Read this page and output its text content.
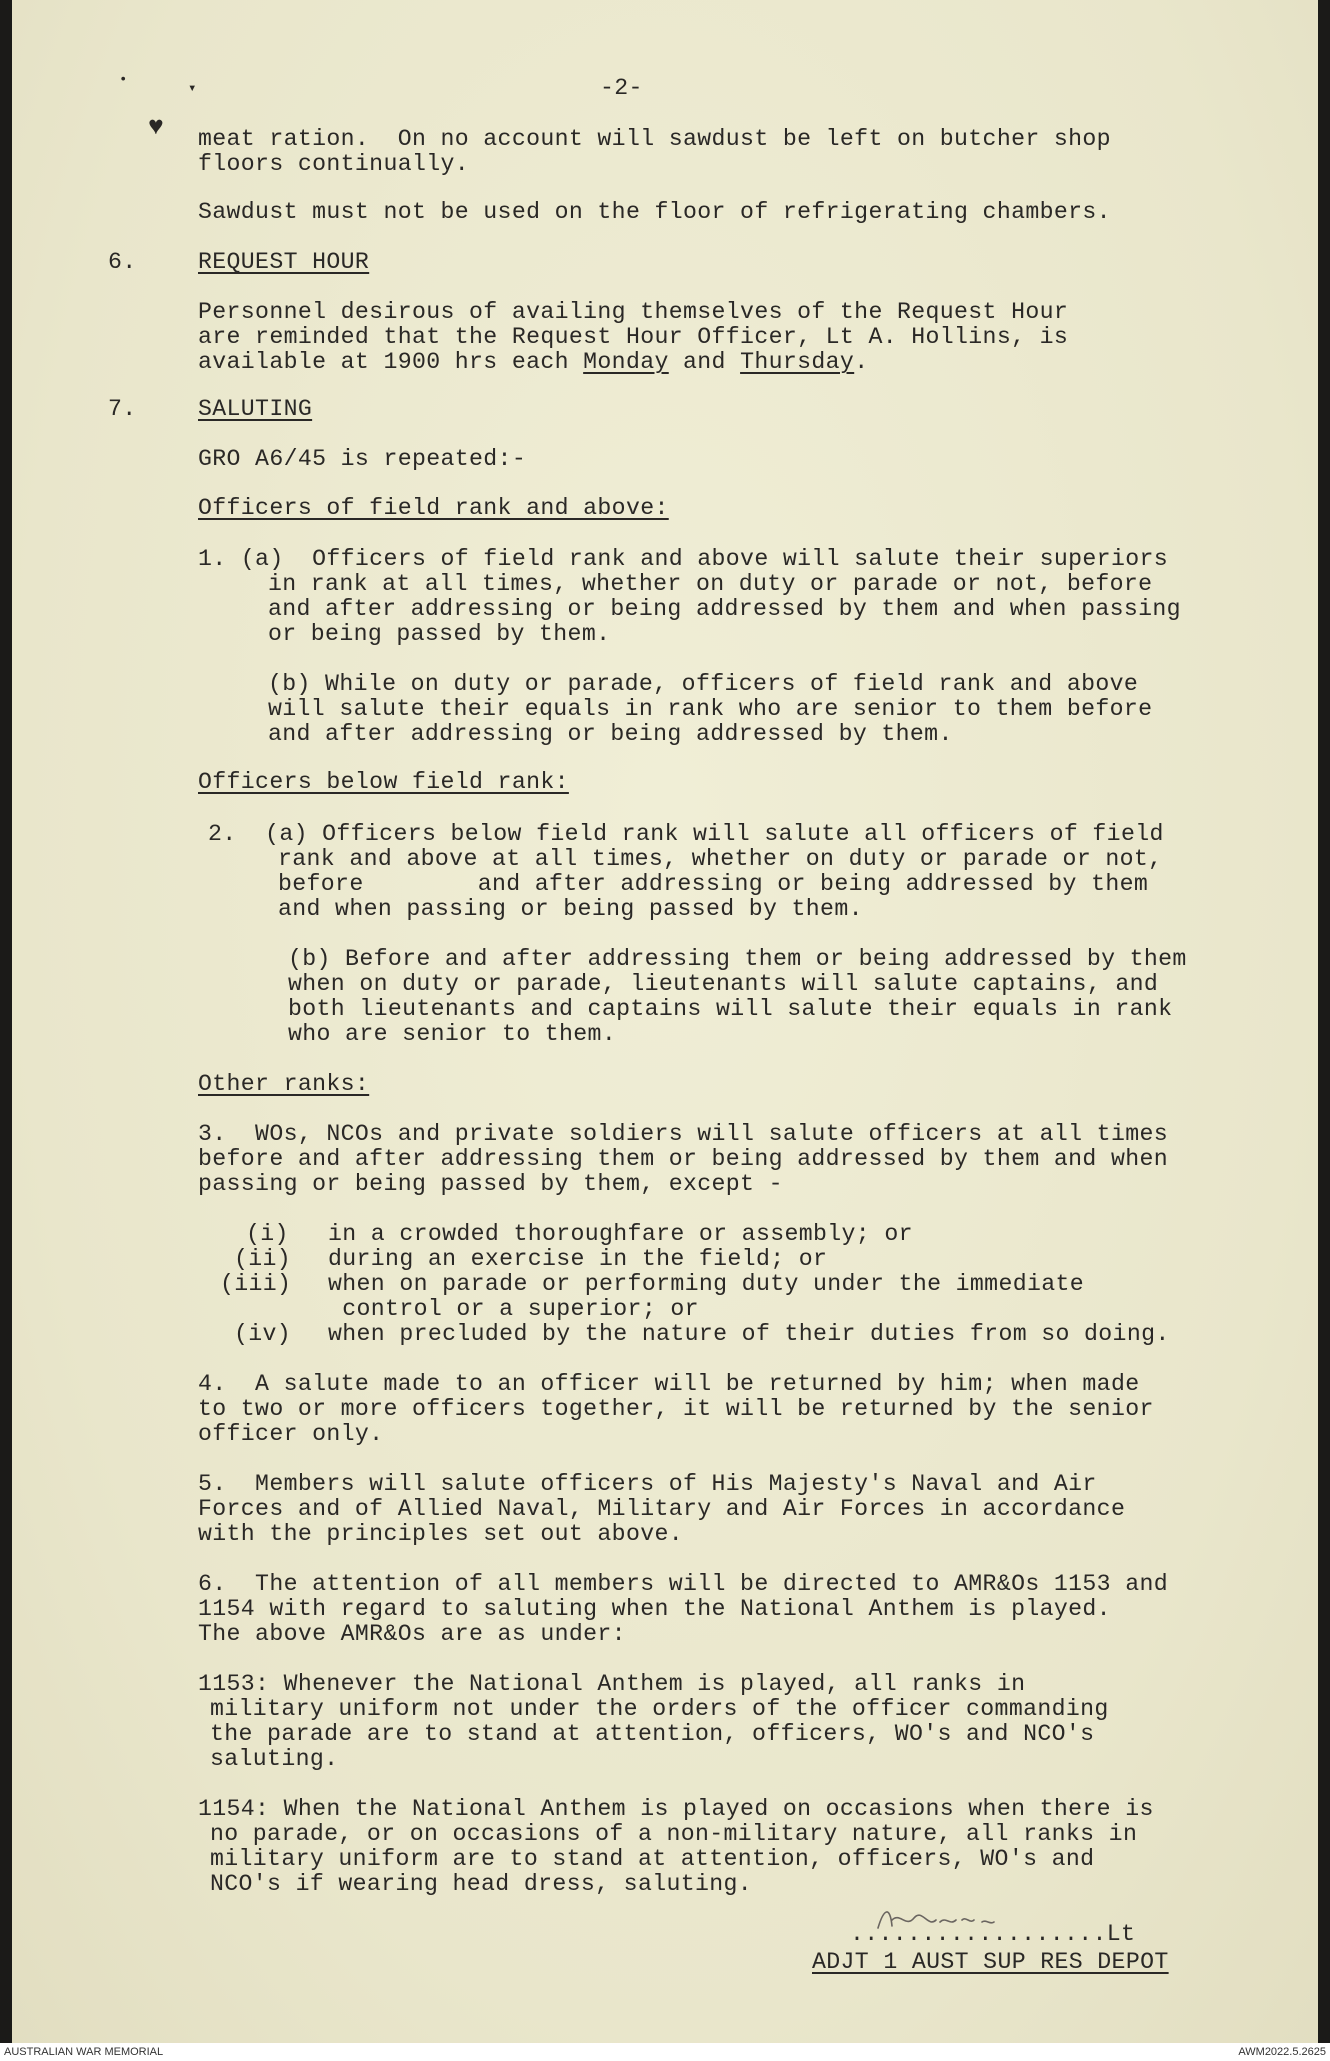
•
▾
♥
-2-
meat ration.  On no account will sawdust be left on butcher shop
floors continually.
Sawdust must not be used on the floor of refrigerating chambers.
6.	REQUEST HOUR
Personnel desirous of availing themselves of the Request Hour
are reminded that the Request Hour Officer, Lt A. Hollins, is
available at 1900 hrs each Monday and Thursday.
7.	SALUTING
GRO A6/45 is repeated:-
Officers of field rank and above:
1. (a)  Officers of field rank and above will salute their superiors
in rank at all times, whether on duty or parade or not, before
and after addressing or being addressed by them and when passing
or being passed by them.
(b) While on duty or parade, officers of field rank and above
will salute their equals in rank who are senior to them before
and after addressing or being addressed by them.
Officers below field rank:
2.  (a) Officers below field rank will salute all officers of field
rank and above at all times, whether on duty or parade or not,
before        and after addressing or being addressed by them
and when passing or being passed by them.
(b) Before and after addressing them or being addressed by them
when on duty or parade, lieutenants will salute captains, and
both lieutenants and captains will salute their equals in rank
who are senior to them.
Other ranks:
3.  WOs, NCOs and private soldiers will salute officers at all times
before and after addressing them or being addressed by them and when
passing or being passed by them, except -
(i) in a crowded thoroughfare or assembly; or
(ii) during an exercise in the field; or
(iii) when on parade or performing duty under the immediate
control or a superior; or
(iv) when precluded by the nature of their duties from so doing.
4.  A salute made to an officer will be returned by him; when made
to two or more officers together, it will be returned by the senior
officer only.
5.  Members will salute officers of His Majesty's Naval and Air
Forces and of Allied Naval, Military and Air Forces in accordance
with the principles set out above.
6.  The attention of all members will be directed to AMR&Os 1153 and
1154 with regard to saluting when the National Anthem is played.
The above AMR&Os are as under:
1153: Whenever the National Anthem is played, all ranks in
military uniform not under the orders of the officer commanding
the parade are to stand at attention, officers, WO's and NCO's
saluting.
1154: When the National Anthem is played on occasions when there is
no parade, or on occasions of a non-military nature, all ranks in
military uniform are to stand at attention, officers, WO's and
NCO's if wearing head dress, saluting.
..................Lt
ADJT 1 AUST SUP RES DEPOT
AUSTRALIAN WAR MEMORIAL	AWM2022.5.2625
